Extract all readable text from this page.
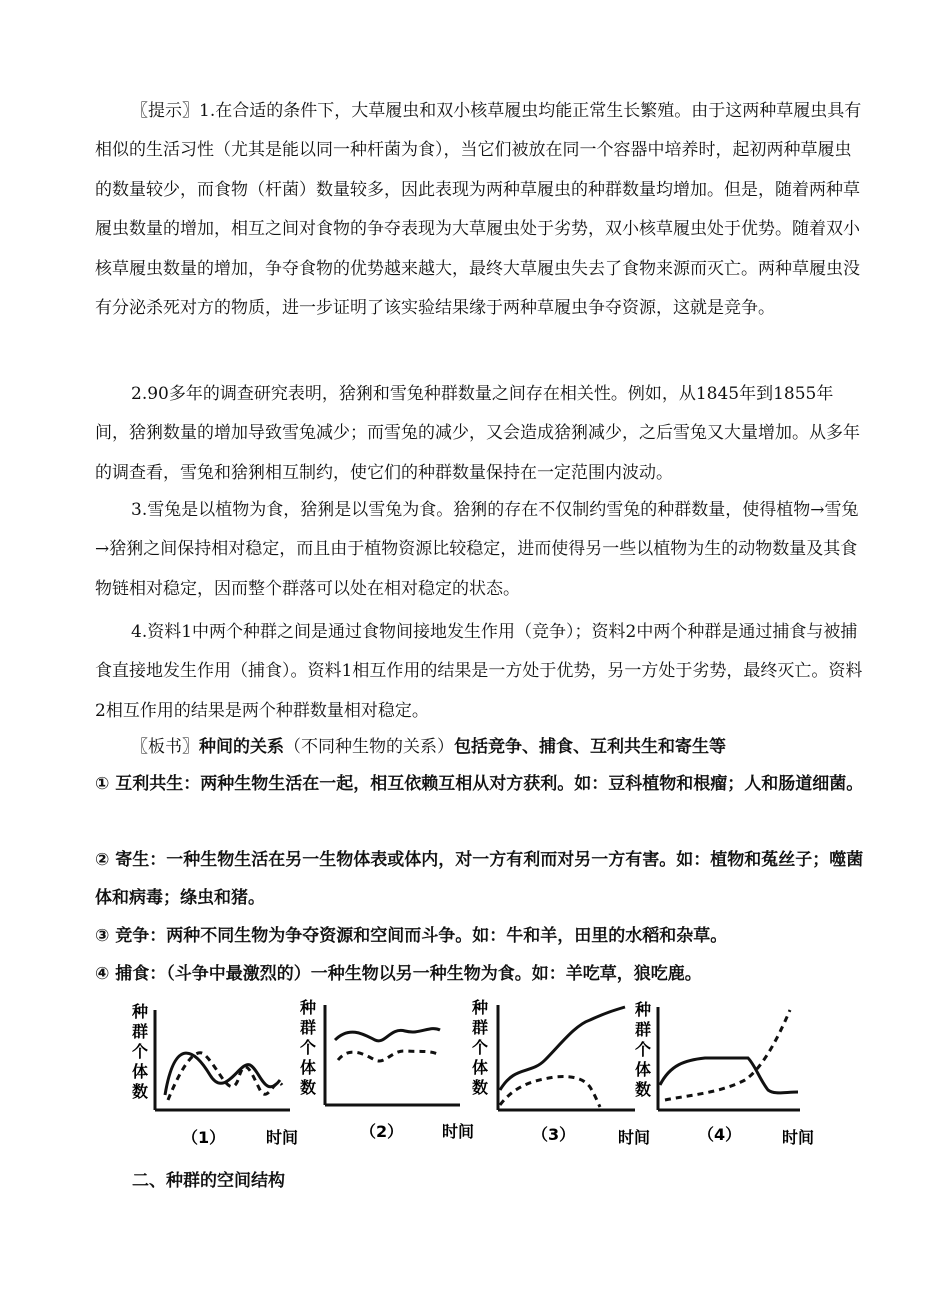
〖提示〗1.在合适的条件下，大草履虫和双小核草履虫均能正常生长繁殖。由于这两种草履虫具有相似的生活习性（尤其是能以同一种杆菌为食），当它们被放在同一个容器中培养时，起初两种草履虫的数量较少，而食物（杆菌）数量较多，因此表现为两种草履虫的种群数量均增加。但是，随着两种草履虫数量的增加，相互之间对食物的争夺表现为大草履虫处于劣势，双小核草履虫处于优势。随着双小核草履虫数量的增加，争夺食物的优势越来越大，最终大草履虫失去了食物来源而灭亡。两种草履虫没有分泌杀死对方的物质，进一步证明了该实验结果缘于两种草履虫争夺资源，这就是竞争。

2.90多年的调查研究表明，猞猁和雪兔种群数量之间存在相关性。例如，从1845年到1855年间，猞猁数量的增加导致雪兔减少；而雪兔的减少，又会造成猞猁减少，之后雪兔又大量增加。从多年的调查看，雪兔和猞猁相互制约，使它们的种群数量保持在一定范围内波动。

3.雪兔是以植物为食，猞猁是以雪兔为食。猞猁的存在不仅制约雪兔的种群数量，使得植物→雪兔→猞猁之间保持相对稳定，而且由于植物资源比较稳定，进而使得另一些以植物为生的动物数量及其食物链相对稳定，因而整个群落可以处在相对稳定的状态。

4.资料1中两个种群之间是通过食物间接地发生作用（竞争）；资料2中两个种群是通过捕食与被捕食直接地发生作用（捕食）。资料1相互作用的结果是一方处于优势，另一方处于劣势，最终灭亡。资料2相互作用的结果是两个种群数量相对稳定。

〖板书〗种间的关系（不同种生物的关系）包括竞争、捕食、互利共生和寄生等

① 互利共生：两种生物生活在一起，相互依赖互相从对方获利。如：豆科植物和根瘤；人和肠道细菌。

② 寄生：一种生物生活在另一生物体表或体内，对一方有利而对另一方有害。如：植物和菟丝子；噬菌体和病毒；绦虫和猪。

③ 竞争：两种不同生物为争夺资源和空间而斗争。如：牛和羊，田里的水稻和杂草。

④ 捕食：（斗争中最激烈的）一种生物以另一种生物为食。如：羊吃草，狼吃鹿。

种
群
个
体
数
（1）	时间
种
群
个
体
数
（2） 时间
种
群
个
体
数
（3）	时间
种
群
个
体
数
（4）	时间

二、种群的空间结构
